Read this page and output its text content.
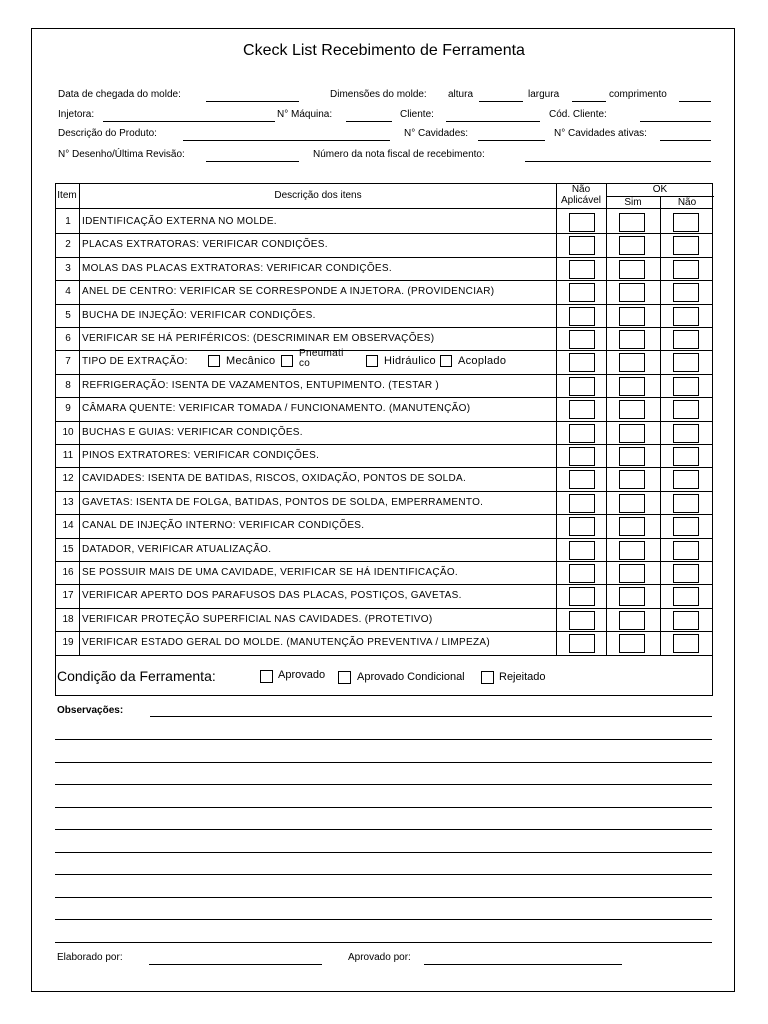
Ckeck List Recebimento de Ferramenta
Data de chegada do molde:	Dimensões do molde: altura	largura	comprimento
Injetora:	N° Máquina:	Cliente:	Cód. Cliente:
Descrição do Produto:	N° Cavidades:	N° Cavidades ativas:
N° Desenho/Última Revisão:	Número da nota fiscal de recebimento:
Item	Descrição dos itens
Não
Aplicável
OK
Sim	Não
1	IDENTIFICAÇÃO EXTERNA NO MOLDE.
2	PLACAS EXTRATORAS: VERIFICAR CONDIÇÕES.
3	MOLAS DAS PLACAS EXTRATORAS: VERIFICAR CONDIÇÕES.
4	ANEL DE CENTRO: VERIFICAR SE CORRESPONDE A INJETORA. (PROVIDENCIAR)
5	BUCHA DE INJEÇÃO: VERIFICAR CONDIÇÕES.
6	VERIFICAR SE HÁ PERIFÉRICOS: (DESCRIMINAR EM OBSERVAÇÕES)
7	TIPO DE EXTRAÇÃO:	Mecânico
Pneumati co	Hidráulico Acoplado
8	REFRIGERAÇÃO: ISENTA DE VAZAMENTOS, ENTUPIMENTO. (TESTAR )
9	CÂMARA QUENTE: VERIFICAR TOMADA / FUNCIONAMENTO. (MANUTENÇÃO)
10 BUCHAS E GUIAS: VERIFICAR CONDIÇÕES.
11 PINOS EXTRATORES: VERIFICAR CONDIÇÕES.
12 CAVIDADES: ISENTA DE BATIDAS, RISCOS, OXIDAÇÃO, PONTOS DE SOLDA.
13 GAVETAS: ISENTA DE FOLGA, BATIDAS, PONTOS DE SOLDA, EMPERRAMENTO.
14 CANAL DE INJEÇÃO INTERNO: VERIFICAR CONDIÇÕES.
15 DATADOR, VERIFICAR ATUALIZAÇÃO.
16 SE POSSUIR MAIS DE UMA CAVIDADE, VERIFICAR SE HÁ IDENTIFICAÇÃO.
17 VERIFICAR APERTO DOS PARAFUSOS DAS PLACAS, POSTIÇOS, GAVETAS.
18 VERIFICAR PROTEÇÃO SUPERFICIAL NAS CAVIDADES. (PROTETIVO)
19 VERIFICAR ESTADO GERAL DO MOLDE. (MANUTENÇÃO PREVENTIVA / LIMPEZA)
Condição da Ferramenta:	Aprovado	Aprovado Condicional	Rejeitado
Observações:
Elaborado por:	Aprovado por:
